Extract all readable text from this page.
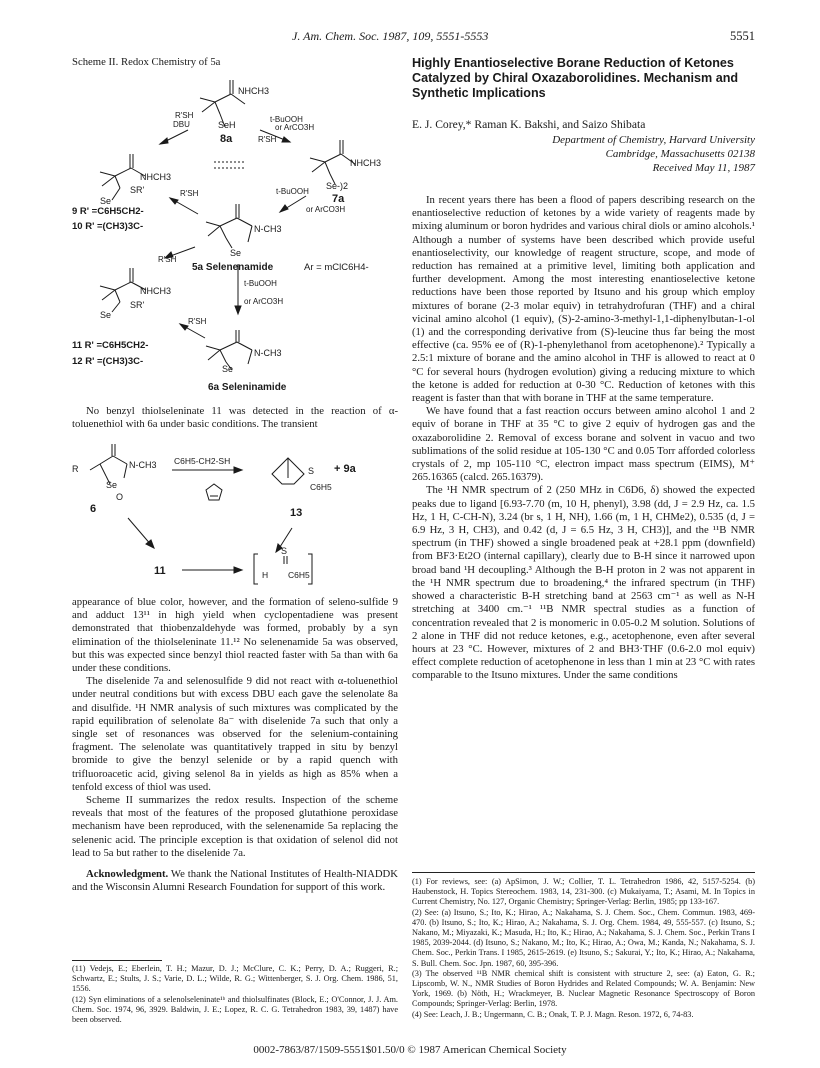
J. Am. Chem. Soc. 1987, 109, 5551-5553	5551
Scheme II. Redox Chemistry of 5a
NHCH3
R'SH
DBU	SeH
t-BuOOH
or ArCO3H
8a	R'SH
NHCH3
SR'
Se
NHCH3
t-BuOOH
Se-)2
7a
or ArCO3H
R'SH
9 R' =C6H5CH2-
10 R' =(CH3)3C-	N-CH3
Se
R'SH
5a Selenenamide	Ar = mClC6H4-
t-BuOOH
or ArCO3H
NHCH3
SR'
Se
R'SH
11 R' =C6H5CH2-
12 R' =(CH3)3C-
N-CH3
Se
6a Seleninamide

No benzyl thiolseleninate 11 was detected in the reaction of α-toluenethiol with 6a under basic conditions. The transient

R	N-CH3
Se
O
C6H5-CH2-SH
S
C6H5
+ 9a
6	13
11
S
H C6H5

appearance of blue color, however, and the formation of seleno-sulfide 9 and adduct 13¹¹ in high yield when cyclopentadiene was present demonstrated that thiobenzaldehyde was formed, probably by a syn elimination of the thiolseleninate 11.¹² No selenenamide 5a was observed, but this was expected since benzyl thiol reacted faster with 5a than with 6a under these conditions.

The diselenide 7a and selenosulfide 9 did not react with α-toluenethiol under neutral conditions but with excess DBU each gave the selenolate 8a and disulfide. ¹H NMR analysis of such mixtures was complicated by the rapid equilibration of selenolate 8a⁻ with diselenide 7a such that only a single set of resonances was observed for the selenium-containing fragment. The selenolate was quantitatively trapped in situ by benzyl bromide to give the benzyl selenide or by a rapid quench with trifluoroacetic acid, giving selenol 8a in yields as high as 85% when a tenfold excess of thiol was used.

Scheme II summarizes the redox results. Inspection of the scheme reveals that most of the features of the proposed glutathione peroxidase mechanism have been reproduced, with the selenenamide 5a replacing the selenenic acid. The principle exception is that oxidation of selenol did not lead to 5a but rather to the diselenide 7a.

Acknowledgment. We thank the National Institutes of Health-NIADDK and the Wisconsin Alumni Research Foundation for support of this work.

(11) Vedejs, E.; Eberlein, T. H.; Mazur, D. J.; McClure, C. K.; Perry, D. A.; Ruggeri, R.; Schwartz, E.; Stults, J. S.; Varie, D. L.; Wilde, R. G.; Wittenberger, S. J. Org. Chem. 1986, 51, 1556.
(12) Syn eliminations of a selenolseleninate¹ᵇ and thiolsulfinates (Block, E.; O'Connor, J. J. Am. Chem. Soc. 1974, 96, 3929. Baldwin, J. E.; Lopez, R. C. G. Tetrahedron 1983, 39, 1487) have been observed.
Highly Enantioselective Borane Reduction of Ketones Catalyzed by Chiral Oxazaborolidines. Mechanism and Synthetic Implications
E. J. Corey,* Raman K. Bakshi, and Saizo Shibata
Department of Chemistry, Harvard University
Cambridge, Massachusetts 02138
Received May 11, 1987

In recent years there has been a flood of papers describing research on the enantioselective reduction of ketones by a wide variety of reagents made by mixing aluminum or boron hydrides and various chiral diols or amino alcohols.¹ Although a number of systems have been described which provide useful enantioselectivity, our knowledge of reagent structure, scope, and mode of reduction has remained at a primitive level, limiting both application and further development. Among the most interesting enantioselective ketone reductions have been those reported by Itsuno and his group which employ mixtures of borane (2-3 molar equiv) in tetrahydrofuran (THF) and a chiral vicinal amino alcohol (1 equiv), (S)-2-amino-3-methyl-1,1-diphenylbutan-1-ol (1) and the corresponding derivative from (S)-leucine thus far being the most effective (ca. 95% ee of (R)-1-phenylethanol from acetophenone).² Typically a 2.5:1 mixture of borane and the amino alcohol in THF is allowed to react at 0 °C for several hours (hydrogen evolution) giving a reducing mixture to which the ketone is added for reduction at 0-30 °C. Reduction of ketones with this reagent is faster than that with borane in THF at the same temperature.

We have found that a fast reaction occurs between amino alcohol 1 and 2 equiv of borane in THF at 35 °C to give 2 equiv of hydrogen gas and the oxazaborolidine 2. Removal of excess borane and solvent in vacuo and two sublimations of the solid residue at 105-130 °C and 0.05 Torr afforded colorless crystals of 2, mp 105-110 °C, electron impact mass spectrum (EIMS), M⁺ 265.16365 (calcd. 265.16379).

The ¹H NMR spectrum of 2 (250 MHz in C6D6, δ) showed the expected peaks due to ligand [6.93-7.70 (m, 10 H, phenyl), 3.98 (dd, J = 2.9 Hz, ca. 1.5 Hz, 1 H, C-CH-N), 3.24 (br s, 1 H, NH), 1.66 (m, 1 H, CHMe2), 0.535 (d, J = 6.9 Hz, 3 H, CH3), and 0.42 (d, J = 6.5 Hz, 3 H, CH3)], and the ¹¹B NMR spectrum (in THF) showed a single broadened peak at +28.1 ppm (downfield) from BF3·Et2O (internal capillary), clearly due to B-H since it narrowed upon broad band ¹H decoupling.³ Although the B-H proton in 2 was not apparent in the ¹H NMR spectrum due to broadening,⁴ the infrared spectrum (in THF) showed a characteristic B-H stretching band at 2563 cm⁻¹ as well as N-H stretching at 3400 cm.⁻¹ ¹¹B NMR spectral studies as a function of concentration revealed that 2 is monomeric in 0.05-0.2 M solution. Solutions of 2 alone in THF did not reduce ketones, e.g., acetophenone, even after several hours at 23 °C. However, mixtures of 2 and BH3·THF (0.6-2.0 mol equiv) effect complete reduction of acetophenone in less than 1 min at 23 °C with rates comparable to the Itsuno mixtures. Under the same conditions

(1) For reviews, see: (a) ApSimon, J. W.; Collier, T. L. Tetrahedron 1986, 42, 5157-5254. (b) Haubenstock, H. Topics Stereochem. 1983, 14, 231-300. (c) Mukaiyama, T.; Asami, M. In Topics in Current Chemistry, No. 127, Organic Chemistry; Springer-Verlag: Berlin, 1985; pp 133-167.
(2) See: (a) Itsuno, S.; Ito, K.; Hirao, A.; Nakahama, S. J. Chem. Soc., Chem. Commun. 1983, 469-470. (b) Itsuno, S.; Ito, K.; Hirao, A.; Nakahama, S. J. Org. Chem. 1984, 49, 555-557. (c) Itsuno, S.; Nakano, M.; Miyazaki, K.; Masuda, H.; Ito, K.; Hirao, A.; Nakahama, S. J. Chem. Soc., Perkin Trans I 1985, 2039-2044. (d) Itsuno, S.; Nakano, M.; Ito, K.; Hirao, A.; Owa, M.; Kanda, N.; Nakahama, S. J. Chem. Soc., Perkin Trans. I 1985, 2615-2619. (e) Itsuno, S.; Sakurai, Y.; Ito, K.; Hirao, A.; Nakahama, S. Bull. Chem. Soc. Jpn. 1987, 60, 395-396.
(3) The observed ¹¹B NMR chemical shift is consistent with structure 2, see: (a) Eaton, G. R.; Lipscomb, W. N., NMR Studies of Boron Hydrides and Related Compounds; W. A. Benjamin: New York, 1969. (b) Nöth, H.; Wrackmeyer, B. Nuclear Magnetic Resonance Spectroscopy of Boron Compounds; Springer-Verlag: Berlin, 1978.
(4) See: Leach, J. B.; Ungermann, C. B.; Onak, T. P. J. Magn. Reson. 1972, 6, 74-83.
0002-7863/87/1509-5551$01.50/0 © 1987 American Chemical Society
